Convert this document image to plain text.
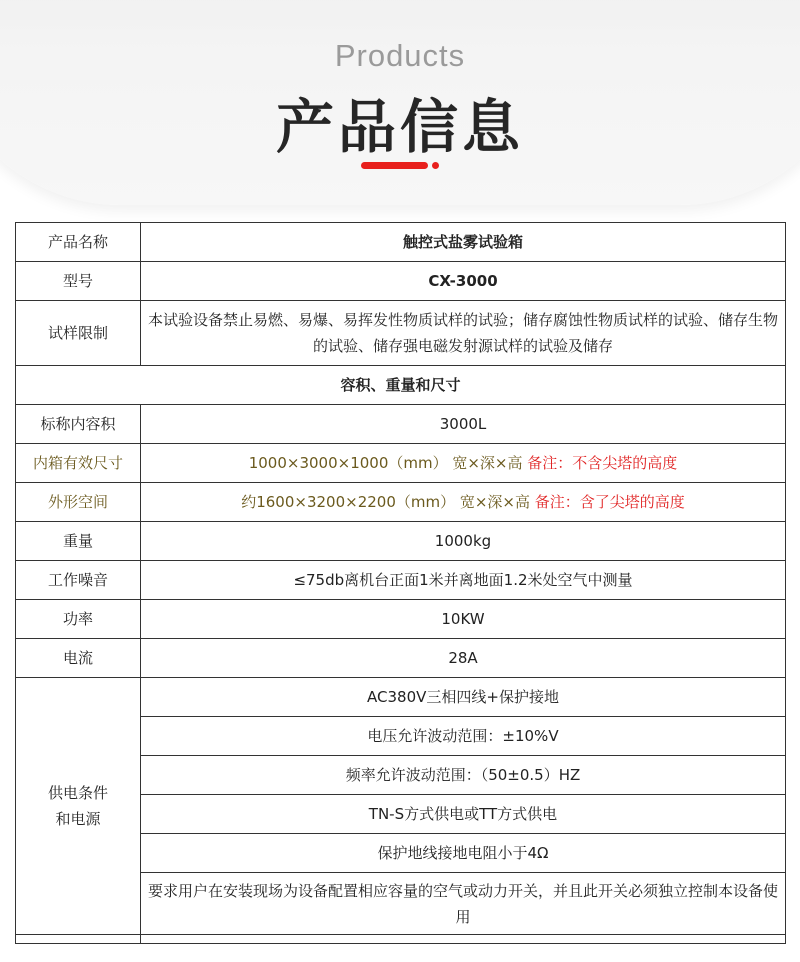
Products
产品信息
产品名称	触控式盐雾试验箱
型号	CX-3000
试样限制	本试验设备禁止易燃、易爆、易挥发性物质试样的试验；储存腐蚀性物质试样的试验、储存生物的试验、储存强电磁发射源试样的试验及储存
容积、重量和尺寸	
标称内容积	3000L
内箱有效尺寸	1000×3000×1000（mm） 宽×深×高 备注：不含尖塔的高度
外形空间	约1600×3200×2200（mm） 宽×深×高 备注：含了尖塔的高度
重量	1000kg
工作噪音	≤75db离机台正面1米并离地面1.2米处空气中测量
功率	10KW
电流	28A

供电条件
和电源	AC380V三相四线+保护接地
	电压允许波动范围：±10%V
	频率允许波动范围：（50±0.5）HZ
	TN-S方式供电或TT方式供电
	保护地线接地电阻小于4Ω
	要求用户在安装现场为设备配置相应容量的空气或动力开关，并且此开关必须独立控制本设备使用
